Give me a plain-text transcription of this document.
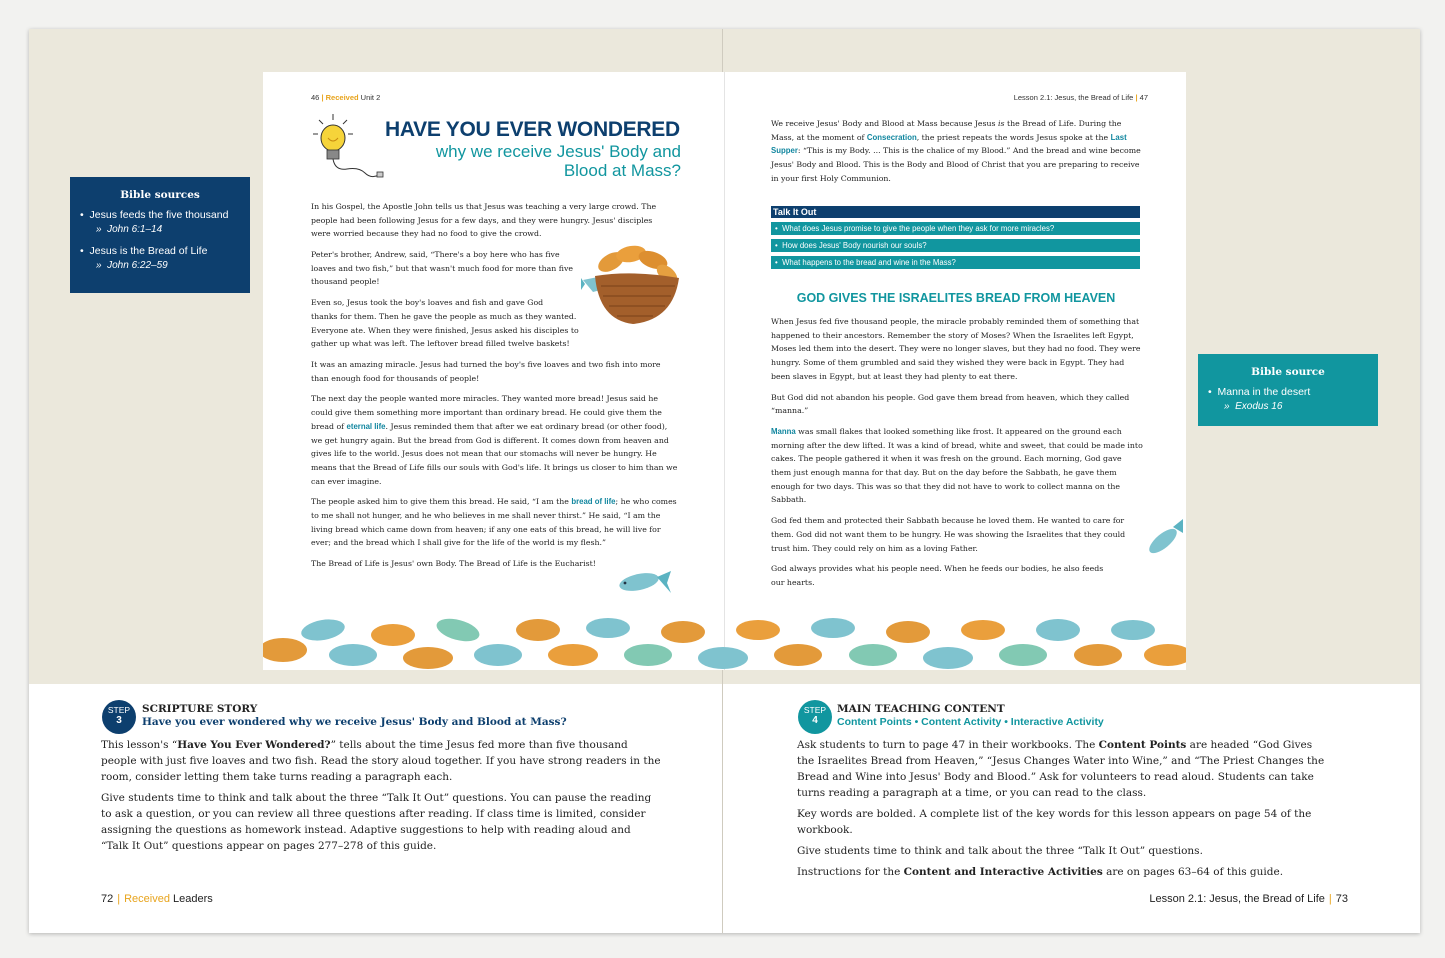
Bible sources
•  Jesus feeds the five thousand
»  John 6:1–14
•  Jesus is the Bread of Life
»  John 6:22–59
Bible source
•  Manna in the desert
»  Exodus 16
46 | Received Unit 2
HAVE YOU EVER WONDERED
why we receive Jesus' Body and Blood at Mass?

In his Gospel, the Apostle John tells us that Jesus was teaching a very large crowd. The people had been following Jesus for a few days, and they were hungry. Jesus' disciples were worried because they had no food to give the crowd.

Peter's brother, Andrew, said, “There's a boy here who has five
loaves and two fish,” but that wasn't much food for more than five
thousand people!

Even so, Jesus took the boy's loaves and fish and gave God
thanks for them. Then he gave the people as much as they wanted.
Everyone ate. When they were finished, Jesus asked his disciples to
gather up what was left. The leftover bread filled twelve baskets!

It was an amazing miracle. Jesus had turned the boy's five loaves and two fish into more than enough food for thousands of people!

The next day the people wanted more miracles. They wanted more bread! Jesus said he could give them something more important than ordinary bread. He could give them the bread of eternal life. Jesus reminded them that after we eat ordinary bread (or other food), we get hungry again. But the bread from God is different. It comes down from heaven and gives life to the world. Jesus does not mean that our stomachs will never be hungry. He means that the Bread of Life fills our souls with God's life. It brings us closer to him than we can ever imagine.

The people asked him to give them this bread. He said, “I am the bread of life; he who comes to me shall not hunger, and he who believes in me shall never thirst.” He said, “I am the living bread which came down from heaven; if any one eats of this bread, he will live for ever; and the bread which I shall give for the life of the world is my flesh.”

The Bread of Life is Jesus' own Body. The Bread of Life is the Eucharist!

Lesson 2.1: Jesus, the Bread of Life | 47

We receive Jesus' Body and Blood at Mass because Jesus is the Bread of Life. During the Mass, at the moment of Consecration, the priest repeats the words Jesus spoke at the Last Supper: “This is my Body. ... This is the chalice of my Blood.” And the bread and wine become Jesus' Body and Blood. This is the Body and Blood of Christ that you are preparing to receive in your first Holy Communion.

Talk It Out
•  What does Jesus promise to give the people when they ask for more miracles?
•  How does Jesus' Body nourish our souls?
•  What happens to the bread and wine in the Mass?
GOD GIVES THE ISRAELITES BREAD FROM HEAVEN

When Jesus fed five thousand people, the miracle probably reminded them of something that happened to their ancestors. Remember the story of Moses? When the Israelites left Egypt, Moses led them into the desert. They were no longer slaves, but they had no food. They were hungry. Some of them grumbled and said they wished they were back in Egypt. They had been slaves in Egypt, but at least they had plenty to eat there.

But God did not abandon his people. God gave them bread from heaven, which they called “manna.”

Manna was small flakes that looked something like frost. It appeared on the ground each morning after the dew lifted. It was a kind of bread, white and sweet, that could be made into cakes. The people gathered it when it was fresh on the ground. Each morning, God gave them just enough manna for that day. But on the day before the Sabbath, he gave them enough for two days. This was so that they did not have to work to collect manna on the Sabbath.

God fed them and protected their Sabbath because he loved them. He wanted to care for
them. God did not want them to be hungry. He was showing the Israelites that they could
trust him. They could rely on him as a loving Father.

God always provides what his people need. When he feeds our bodies, he also feeds
our hearts.

STEP
3
SCRIPTURE STORY
Have you ever wondered why we receive Jesus' Body and Blood at Mass?

This lesson's “Have You Ever Wondered?” tells about the time Jesus fed more than five thousand people with just five loaves and two fish. Read the story aloud together. If you have strong readers in the room, consider letting them take turns reading a paragraph each.

Give students time to think and talk about the three “Talk It Out” questions. You can pause the reading to ask a question, or you can review all three questions after reading. If class time is limited, consider assigning the questions as homework instead. Adaptive suggestions to help with reading aloud and “Talk It Out” questions appear on pages 277–278 of this guide.

STEP
4
MAIN TEACHING CONTENT
Content Points • Content Activity • Interactive Activity

Ask students to turn to page 47 in their workbooks. The Content Points are headed “God Gives the Israelites Bread from Heaven,” “Jesus Changes Water into Wine,” and “The Priest Changes the Bread and Wine into Jesus' Body and Blood.” Ask for volunteers to read aloud. Students can take turns reading a paragraph at a time, or you can read to the class.

Key words are bolded. A complete list of the key words for this lesson appears on page 54 of the workbook.

Give students time to think and talk about the three “Talk It Out” questions.

Instructions for the Content and Interactive Activities are on pages 63–64 of this guide.

72 | Received Leaders	Lesson 2.1: Jesus, the Bread of Life | 73
